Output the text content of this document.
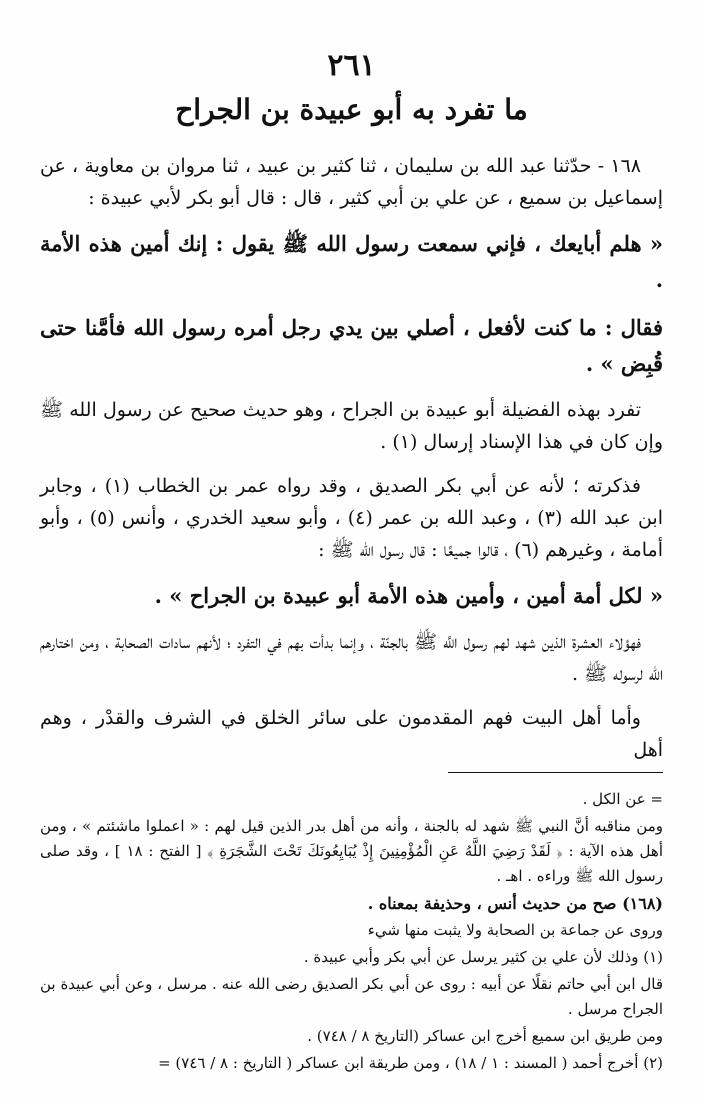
٢٦١
ما تفرد به أبو عبيدة بن الجراح

١٦٨ - حدّثنا عبد الله بن سليمان ، ثنا كثير بن عبيد ، ثنا مروان بن معاوية ، عن إسماعيل بن سميع ، عن علي بن أبي كثير ، قال : قال أبو بكر لأبي عبيدة :

« هلم أبايعك ، فإني سمعت رسول الله ﷺ يقول : إنك أمين هذه الأمة .

فقال : ما كنت لأفعل ، أصلي بين يدي رجل أمره رسول الله فأمَّنا حتى قُبِض » .

تفرد بهذه الفضيلة أبو عبيدة بن الجراح ، وهو حديث صحيح عن رسول الله ﷺ وإن كان في هذا الإسناد إرسال (١) .

فذكرته ؛ لأنه عن أبي بكر الصديق ، وقد رواه عمر بن الخطاب (١) ، وجابر ابن عبد الله (٣) ، وعبد الله بن عمر (٤) ، وأبو سعيد الخدري ، وأنس (٥) ، وأبو أمامة ، وغيرهم (٦) ، قالوا جميعًا : قال رسول الله ﷺ :

« لكل أمة أمين ، وأمين هذه الأمة أبو عبيدة بن الجراح » .

فهؤلاء العشرة الذين شهد لهم رسول اللَّه ﷺ بالجنّة ، وإنما بدأت بهم في التفرد ؛ لأنهم سادات الصحابة ، ومن اختارهم اللّه لرسوله ﷺ .

وأما أهل البيت فهم المقدمون على سائر الخلق في الشرف والقدْر ، وهم أهل

= عن الكل .

ومن مناقبه أنَّ النبي ﷺ شهد له بالجنة ، وأنه من أهل بدر الذين قيل لهم : « اعملوا ماشئتم » ، ومن أهل هذه الآية : ﴿ لَقَدْ رَضِيَ اللَّهُ عَنِ الْمُؤْمِنِينَ إِذْ يُبَايِعُونَكَ تَحْتَ الشَّجَرَةِ ﴾ [ الفتح : ١٨ ] ، وقد صلى رسول الله ﷺ وراءه . اهـ .

(١٦٨) صح من حديث أنس ، وحذيفة بمعناه .

وروى عن جماعة بن الصحابة ولا يثبت منها شيء

(١) وذلك لأن علي بن كثير يرسل عن أبي بكر وأبي عبيدة .

قال ابن أبي حاتم نقلًا عن أبيه : روى عن أبي بكر الصديق رضى الله عنه . مرسل ، وعن أبي عبيدة بن الجراح مرسل .

ومن طريق ابن سميع أخرج ابن عساكر (التاريخ ٨ / ٧٤٨) .

(٢) أخرج أحمد ( المسند : ١ / ١٨) ، ومن طريقة ابن عساكر ( التاريخ : ٨ / ٧٤٦) =
